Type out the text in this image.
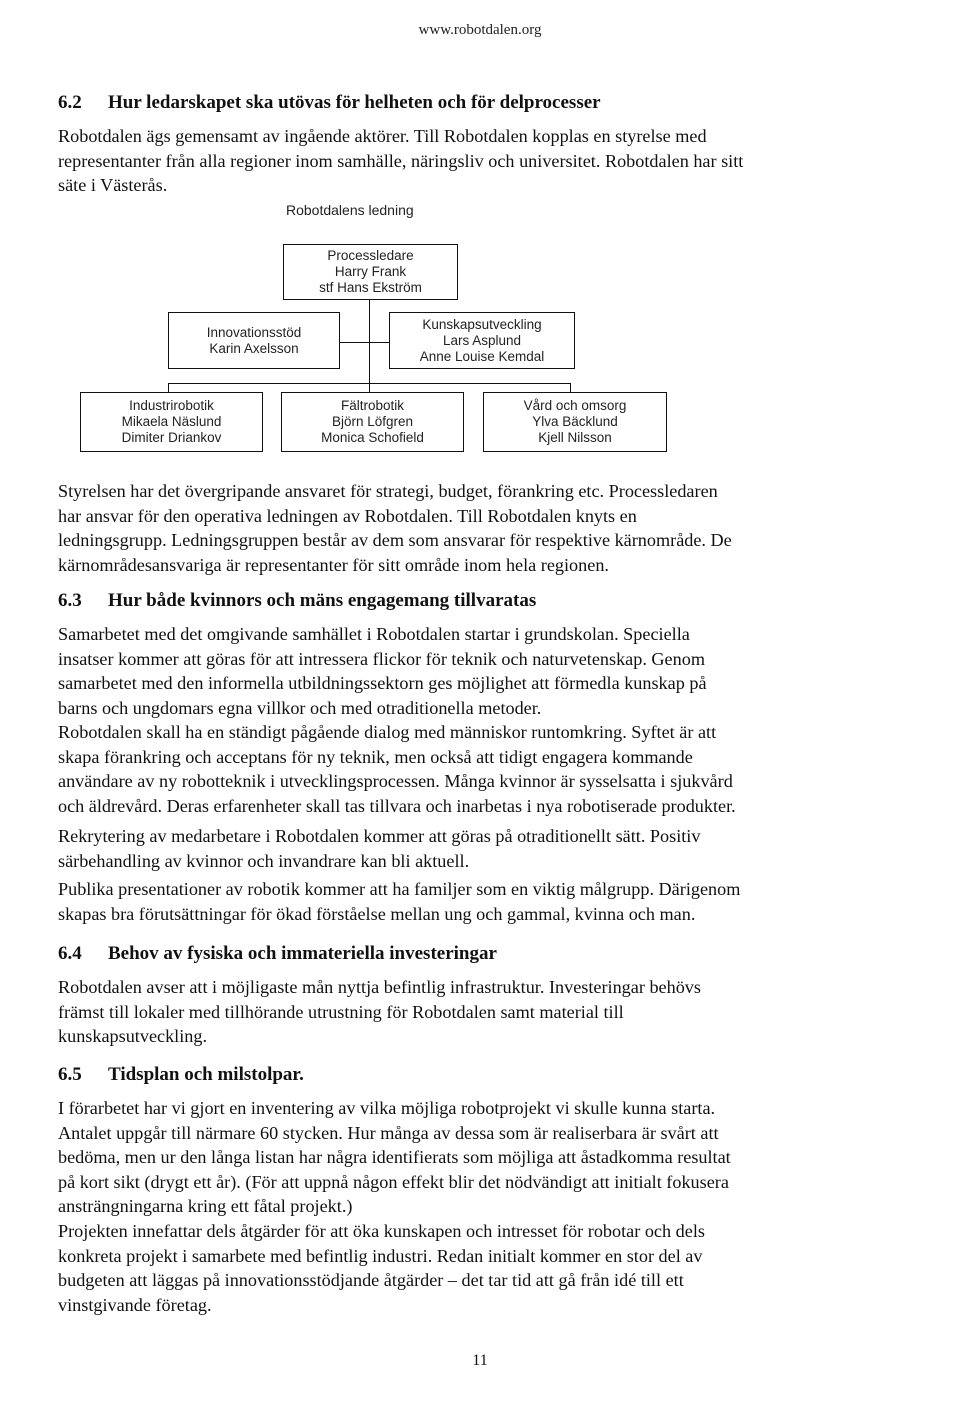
www.robotdalen.org
6.2 Hur ledarskapet ska utövas för helheten och för delprocesser
Robotdalen ägs gemensamt av ingående aktörer. Till Robotdalen kopplas en styrelse med
representanter från alla regioner inom samhälle, näringsliv och universitet. Robotdalen har sitt
säte i Västerås.
Robotdalens ledning
Processledare
Harry Frank
stf Hans Ekström
Innovationsstöd
Karin Axelsson
Kunskapsutveckling
Lars Asplund
Anne Louise Kemdal
Industrirobotik
Mikaela Näslund
Dimiter Driankov
Fältrobotik
Björn Löfgren
Monica Schofield
Vård och omsorg
Ylva Bäcklund
Kjell Nilsson
Styrelsen har det övergripande ansvaret för strategi, budget, förankring etc. Processledaren
har ansvar för den operativa ledningen av Robotdalen. Till Robotdalen knyts en
ledningsgrupp. Ledningsgruppen består av dem som ansvarar för respektive kärnområde. De
kärnområdesansvariga är representanter för sitt område inom hela regionen.
6.3 Hur både kvinnors och mäns engagemang tillvaratas
Samarbetet med det omgivande samhället i Robotdalen startar i grundskolan. Speciella
insatser kommer att göras för att intressera flickor för teknik och naturvetenskap. Genom
samarbetet med den informella utbildningssektorn ges möjlighet att förmedla kunskap på
barns och ungdomars egna villkor och med otraditionella metoder.
Robotdalen skall ha en ständigt pågående dialog med människor runtomkring. Syftet är att
skapa förankring och acceptans för ny teknik, men också att tidigt engagera kommande
användare av ny robotteknik i utvecklingsprocessen. Många kvinnor är sysselsatta i sjukvård
och äldrevård. Deras erfarenheter skall tas tillvara och inarbetas i nya robotiserade produkter.
Rekrytering av medarbetare i Robotdalen kommer att göras på otraditionellt sätt. Positiv
särbehandling av kvinnor och invandrare kan bli aktuell.
Publika presentationer av robotik kommer att ha familjer som en viktig målgrupp. Därigenom
skapas bra förutsättningar för ökad förståelse mellan ung och gammal, kvinna och man.
6.4 Behov av fysiska och immateriella investeringar
Robotdalen avser att i möjligaste mån nyttja befintlig infrastruktur. Investeringar behövs
främst till lokaler med tillhörande utrustning för Robotdalen samt material till
kunskapsutveckling.
6.5 Tidsplan och milstolpar.
I förarbetet har vi gjort en inventering av vilka möjliga robotprojekt vi skulle kunna starta.
Antalet uppgår till närmare 60 stycken. Hur många av dessa som är realiserbara är svårt att
bedöma, men ur den långa listan har några identifierats som möjliga att åstadkomma resultat
på kort sikt (drygt ett år). (För att uppnå någon effekt blir det nödvändigt att initialt fokusera
ansträngningarna kring ett fåtal projekt.)
Projekten innefattar dels åtgärder för att öka kunskapen och intresset för robotar och dels
konkreta projekt i samarbete med befintlig industri. Redan initialt kommer en stor del av
budgeten att läggas på innovationsstödjande åtgärder – det tar tid att gå från idé till ett
vinstgivande företag.
11
